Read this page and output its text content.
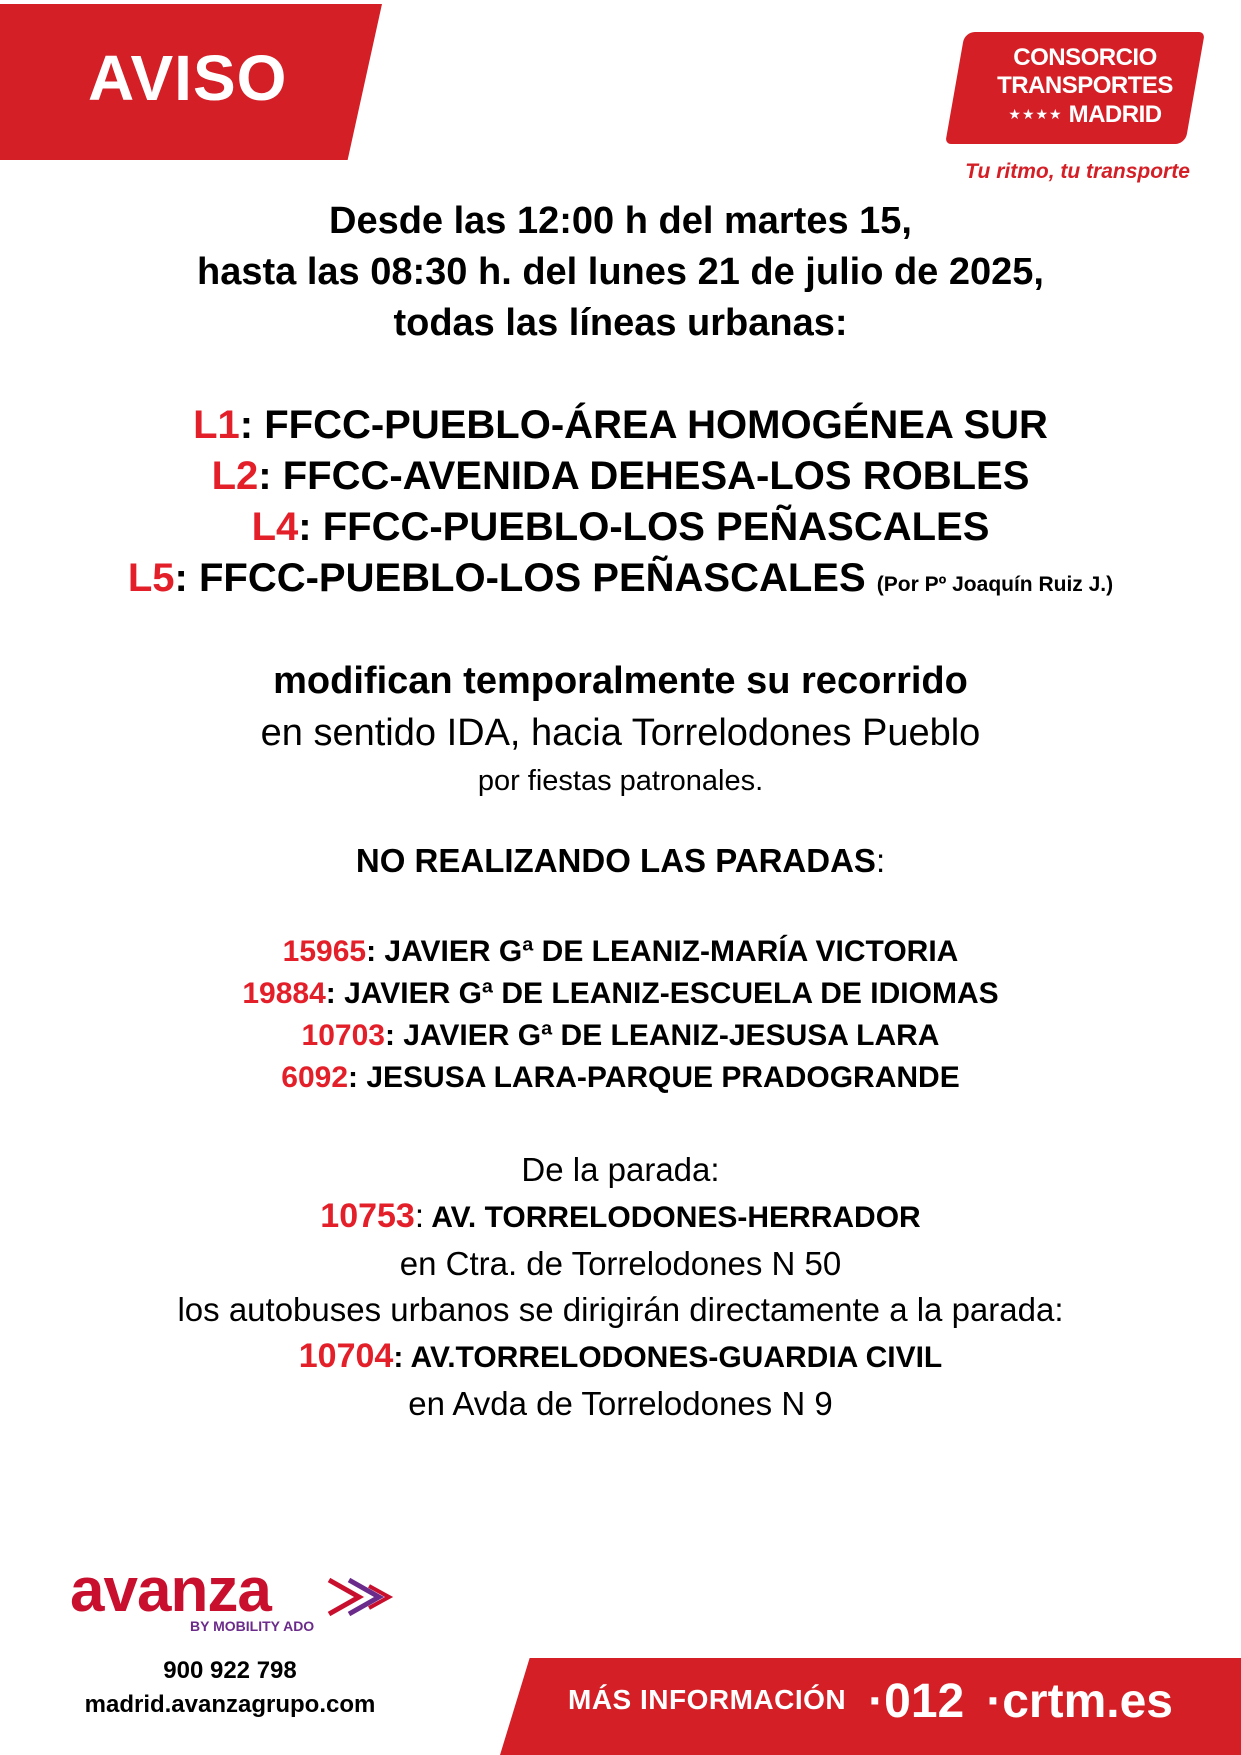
AVISO	CONSORCIO
TRANSPORTES
★★★★ MADRID
Tu ritmo, tu transporte
Desde las 12:00 h del martes 15,
hasta las 08:30 h. del lunes 21 de julio de 2025,
todas las líneas urbanas:
L1: FFCC-PUEBLO-ÁREA HOMOGÉNEA SUR
L2: FFCC-AVENIDA DEHESA-LOS ROBLES
L4: FFCC-PUEBLO-LOS PEÑASCALES
L5: FFCC-PUEBLO-LOS PEÑASCALES (Por Pº Joaquín Ruiz J.)
modifican temporalmente su recorrido
en sentido IDA, hacia Torrelodones Pueblo
por fiestas patronales.
NO REALIZANDO LAS PARADAS:
15965: JAVIER Gª DE LEANIZ-MARÍA VICTORIA
19884: JAVIER Gª DE LEANIZ-ESCUELA DE IDIOMAS
10703: JAVIER Gª DE LEANIZ-JESUSA LARA
6092: JESUSA LARA-PARQUE PRADOGRANDE
De la parada:
10753: AV. TORRELODONES-HERRADOR
en Ctra. de Torrelodones N 50
los autobuses urbanos se dirigirán directamente a la parada:
10704: AV.TORRELODONES-GUARDIA CIVIL
en Avda de Torrelodones N 9
avanza
BY MOBILITY ADO
900 922 798
madrid.avanzagrupo.com	MÁS INFORMACIÓN ·012 ·crtm.es
